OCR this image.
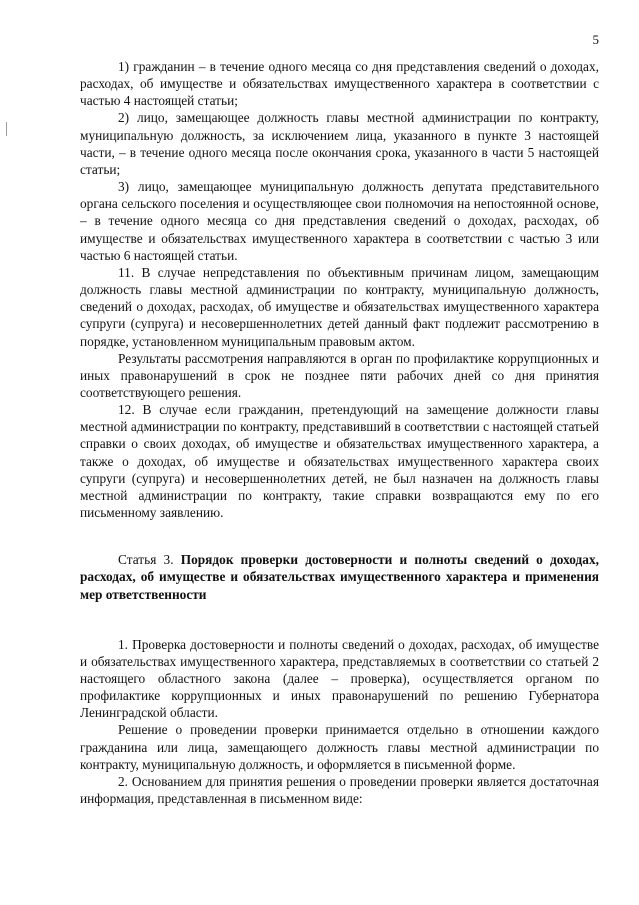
5

1) гражданин – в течение одного месяца со дня представления сведений о доходах, расходах, об имуществе и обязательствах имущественного характера в соответствии с частью 4 настоящей статьи;

2) лицо, замещающее должность главы местной администрации по контракту, муниципальную должность, за исключением лица, указанного в пункте 3 настоящей части, – в течение одного месяца после окончания срока, указанного в части 5 настоящей статьи;

3) лицо, замещающее муниципальную должность депутата представительного органа сельского поселения и осуществляющее свои полномочия на непостоянной основе, – в течение одного месяца со дня представления сведений о доходах, расходах, об имуществе и обязательствах имущественного характера в соответствии с частью 3 или частью 6 настоящей статьи.

11. В случае непредставления по объективным причинам лицом, замещающим должность главы местной администрации по контракту, муниципальную должность, сведений о доходах, расходах, об имуществе и обязательствах имущественного характера супруги (супруга) и несовершеннолетних детей данный факт подлежит рассмотрению в порядке, установленном муниципальным правовым актом.

Результаты рассмотрения направляются в орган по профилактике коррупционных и иных правонарушений в срок не позднее пяти рабочих дней со дня принятия соответствующего решения.

12. В случае если гражданин, претендующий на замещение должности главы местной администрации по контракту, представивший в соответствии с настоящей статьей справки о своих доходах, об имуществе и обязательствах имущественного характера, а также о доходах, об имуществе и обязательствах имущественного характера своих супруги (супруга) и несовершеннолетних детей, не был назначен на должность главы местной администрации по контракту, такие справки возвращаются ему по его письменному заявлению.

Статья 3. Порядок проверки достоверности и полноты сведений о доходах, расходах, об имуществе и обязательствах имущественного характера и применения мер ответственности

1. Проверка достоверности и полноты сведений о доходах, расходах, об имуществе и обязательствах имущественного характера, представляемых в соответствии со статьей 2 настоящего областного закона (далее – проверка), осуществляется органом по профилактике коррупционных и иных правонарушений по решению Губернатора Ленинградской области.

Решение о проведении проверки принимается отдельно в отношении каждого гражданина или лица, замещающего должность главы местной администрации по контракту, муниципальную должность, и оформляется в письменной форме.

2. Основанием для принятия решения о проведении проверки является достаточная информация, представленная в письменном виде:
